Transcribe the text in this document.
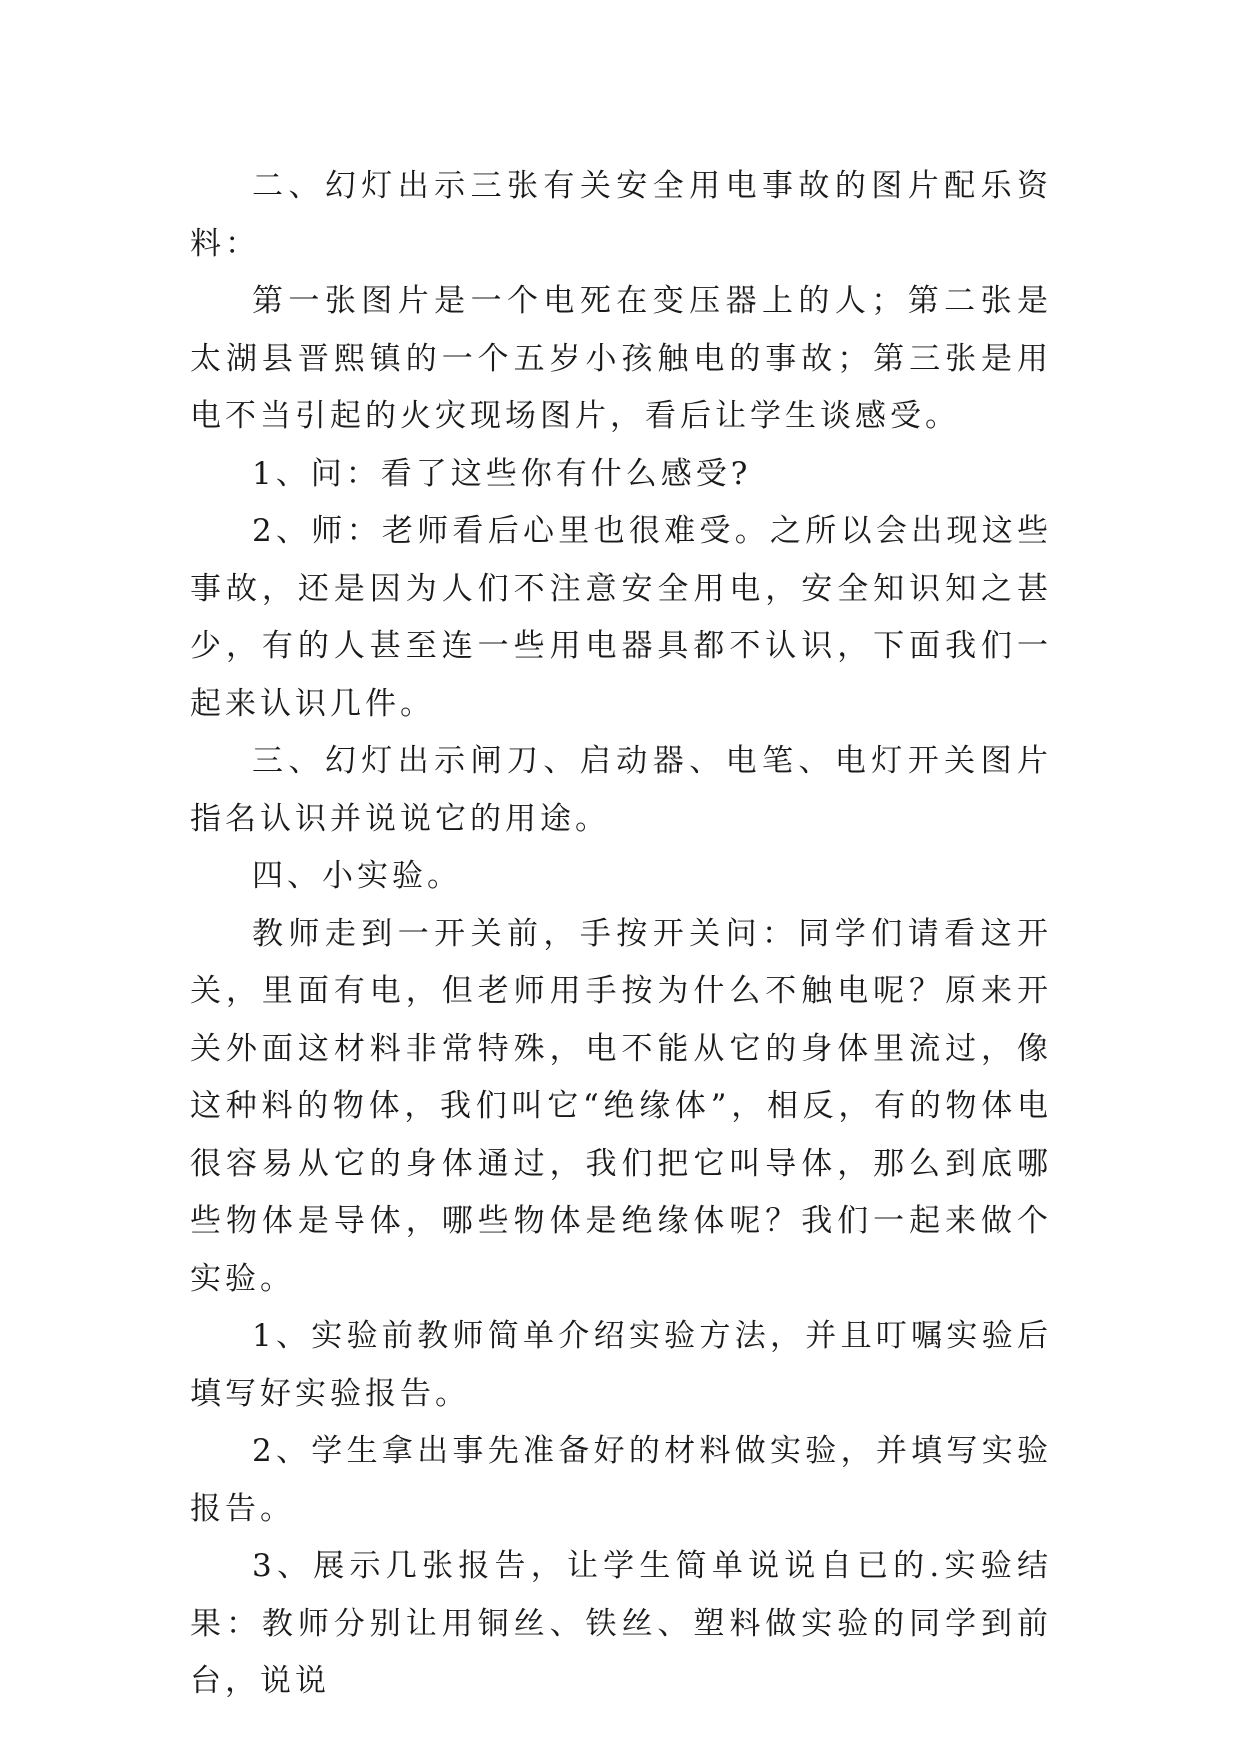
二、幻灯出示三张有关安全用电事故的图片配乐资料：

第一张图片是一个电死在变压器上的人；第二张是太湖县晋熙镇的一个五岁小孩触电的事故；第三张是用电不当引起的火灾现场图片，看后让学生谈感受。

1、问：看了这些你有什么感受?

2、师：老师看后心里也很难受。之所以会出现这些事故，还是因为人们不注意安全用电，安全知识知之甚少，有的人甚至连一些用电器具都不认识，下面我们一起来认识几件。

三、幻灯出示闸刀、启动器、电笔、电灯开关图片指名认识并说说它的用途。

四、小实验。

教师走到一开关前，手按开关问：同学们请看这开关，里面有电，但老师用手按为什么不触电呢？原来开关外面这材料非常特殊，电不能从它的身体里流过，像这种料的物体，我们叫它“绝缘体”，相反，有的物体电很容易从它的身体通过，我们把它叫导体，那么到底哪些物体是导体，哪些物体是绝缘体呢？我们一起来做个实验。

1、实验前教师简单介绍实验方法，并且叮嘱实验后填写好实验报告。

2、学生拿出事先准备好的材料做实验，并填写实验报告。

3、展示几张报告，让学生简单说说自已的.实验结果：教师分别让用铜丝、铁丝、塑料做实验的同学到前台，说说
